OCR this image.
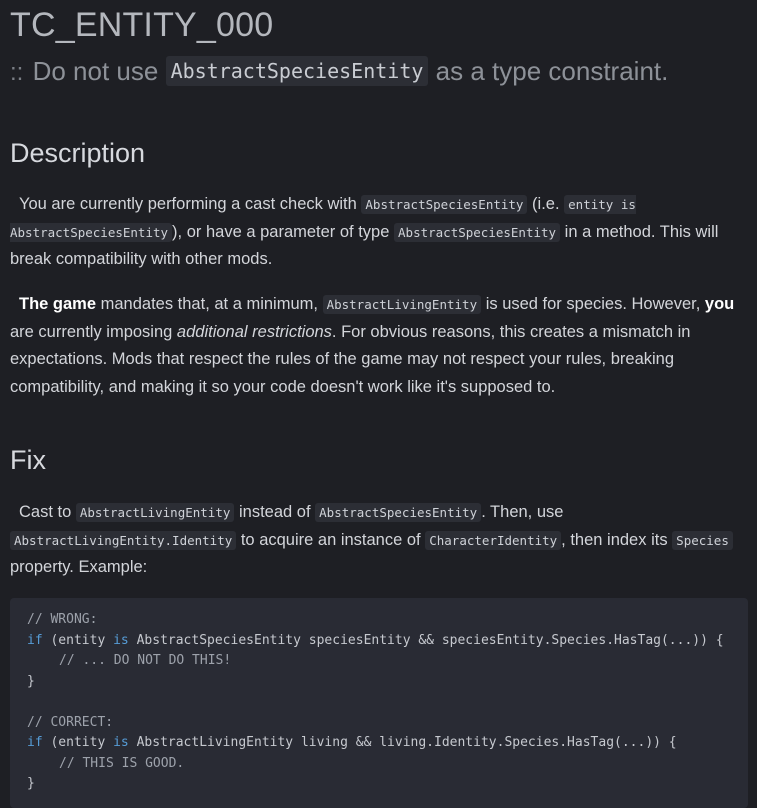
TC_ENTITY_000
:: Do not use AbstractSpeciesEntity as a type constraint.
Description

You are currently performing a cast check with AbstractSpeciesEntity (i.e. entity is AbstractSpeciesEntity ), or have a parameter of type AbstractSpeciesEntity in a method. This will break compatibility with other mods.

The game mandates that, at a minimum, AbstractLivingEntity is used for species. However, you are currently imposing additional restrictions. For obvious reasons, this creates a mismatch in expectations. Mods that respect the rules of the game may not respect your rules, breaking compatibility, and making it so your code doesn't work like it's supposed to.

Fix

Cast to AbstractLivingEntity instead of AbstractSpeciesEntity . Then, use AbstractLivingEntity.Identity to acquire an instance of CharacterIdentity , then index its Species property. Example:

// WRONG:
if (entity is AbstractSpeciesEntity speciesEntity && speciesEntity.Species.HasTag(...)) {
// ... DO NOT DO THIS!
}
// CORRECT:
if (entity is AbstractLivingEntity living && living.Identity.Species.HasTag(...)) {
// THIS IS GOOD.
}
